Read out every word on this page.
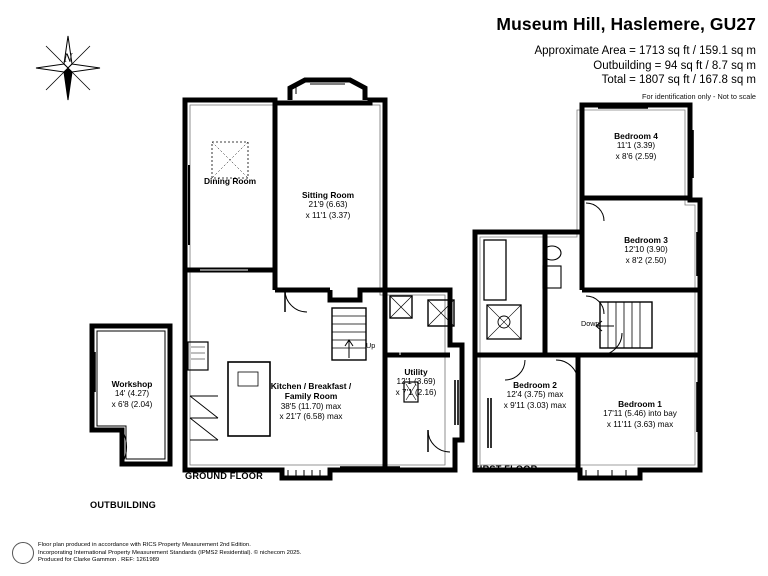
N
Museum Hill, Haslemere, GU27
Approximate Area = 1713 sq ft / 159.1 sq m
Outbuilding = 94 sq ft / 8.7 sq m
Total = 1807 sq ft / 167.8 sq m
For identification only - Not to scale
Workshop
14' (4.27)
x 6'8 (2.04)
Dining Room
Sitting Room
21'9 (6.63)
x 11'1 (3.37)
Kitchen / Breakfast /
Family Room
38'5 (11.70) max
x 21'7 (6.58) max
Utility
12'1 (3.69)
x 7'1 (2.16)
Bedroom 4
11'1 (3.39)
x 8'6 (2.59)
Bedroom 3
12'10 (3.90)
x 8'2 (2.50)
Bedroom 2
12'4 (3.75) max
x 9'11 (3.03) max	Bedroom 1
17'11 (5.46) into bay
x 11'11 (3.63) max
Up
Down
OUTBUILDING
GROUND FLOOR
FIRST FLOOR
Floor plan produced in accordance with RICS Property Measurement 2nd Edition.
Incorporating International Property Measurement Standards (IPMS2 Residential). © nichecom 2025.
Produced for Clarke Gammon . REF: 1261989
